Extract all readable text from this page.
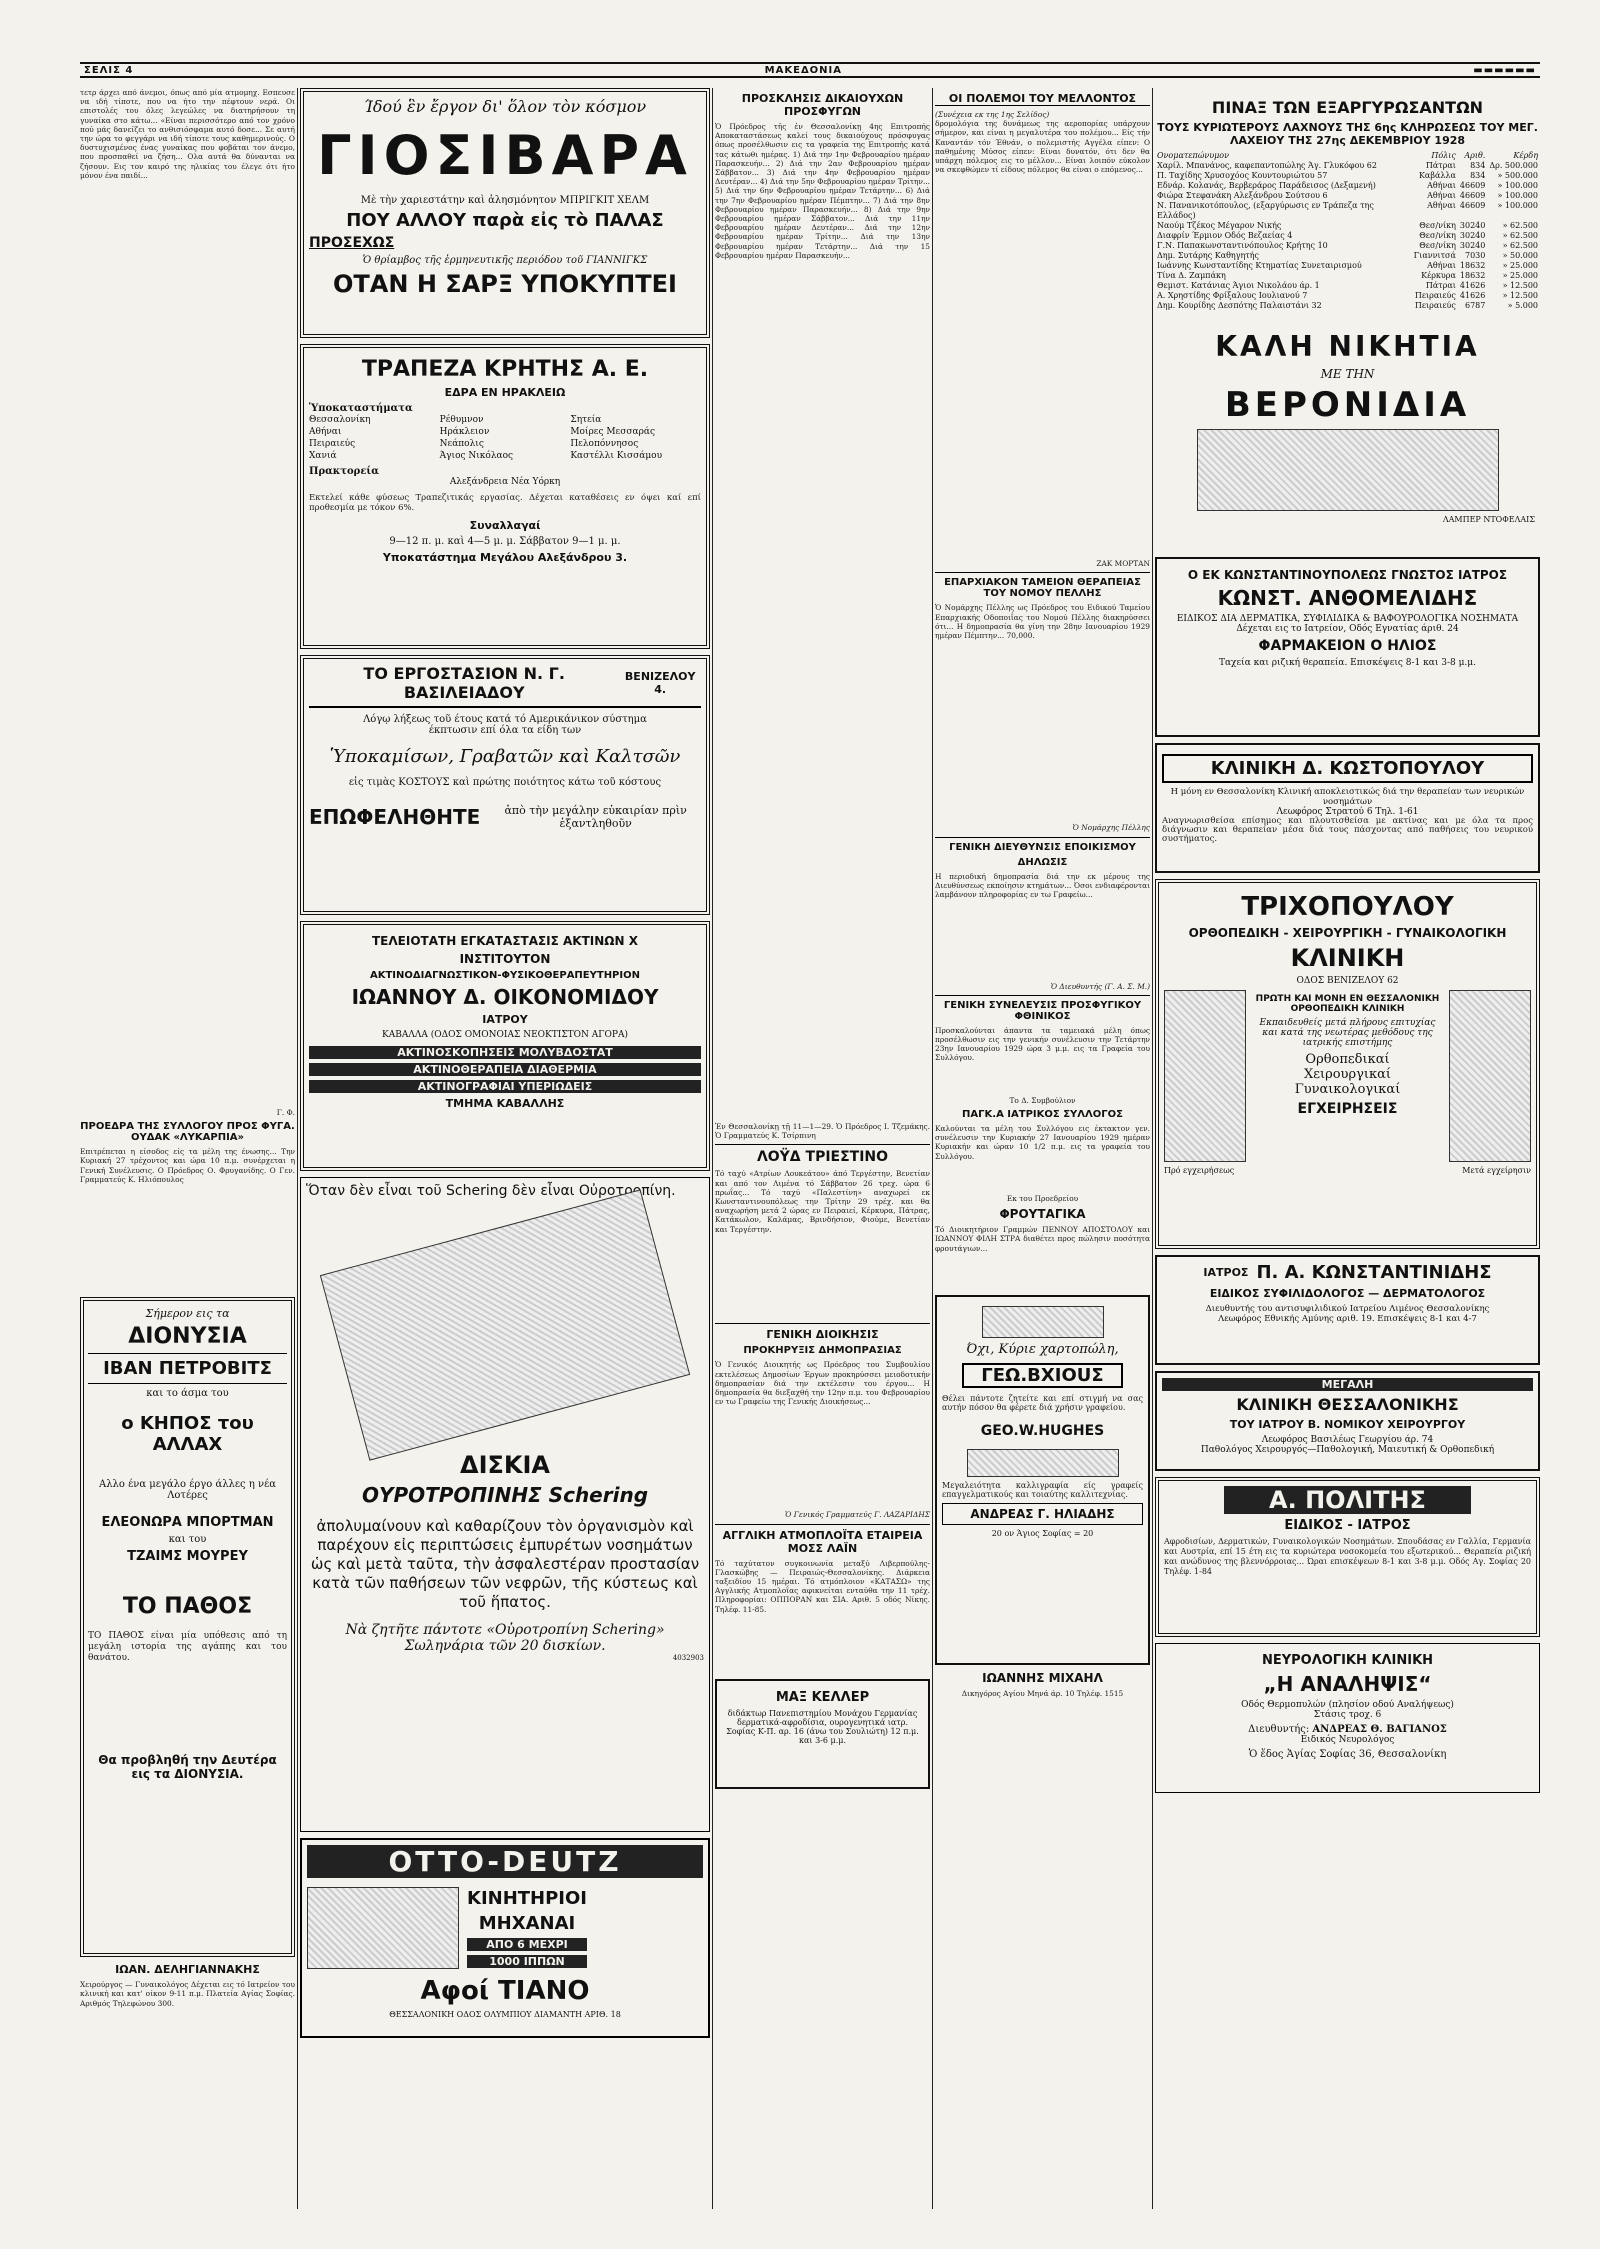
ΣΕΛΙΣ 4	ΜΑΚΕΔΟΝΙΑ	▬▬▬▬▬▬
τετρ άρχει από άνεμοι, όπως από μία ατμομηχ. Εσπευσε να ιδή τίποτε, που να ήτο την πέφτουν νερά. Οι επιστολές του όλες λεγεώλες να διατηρήσουν τη γυναίκα στο κάτω... «Είναι περισσότερο από τον χρόνο πού μάς δανείζει το ανθισιόσφαμα αυτό δοσε... Σε αυτή την ώρα το φεγγάρι να ιδή τίποτε τους καθημερινούς. Ο δυστυχισμένος ένας γυναίκας που φοβάται τον άνεμο, που προσπαθεί να ζήση... Ολα αυτά θα δύνανται να ζήσουν. Εις τον καιρό της ηλικίας του έλεγε ότι ήτο μόνον ένα παιδί...
Γ. Φ.
ΠΡΟΕΔΡΑ ΤΗΣ ΣΥΛΛΟΓΟΥ ΠΡΟΣ ΦΥΓΑ. ΟΥΔΑΚ «ΛΥΚΑΡΠΙΑ»
Επιτρέπεται η είσοδος είς τα μέλη της ένωσης... Την Κυριακή 27 τρέχοντος και ώρα 10 π.μ. συνέρχεται η Γενική Συνέλευσις. Ο Πρόεδρος Ο. Φρυγανίδης. Ο Γεν. Γραμματεύς Κ. Ηλιόπουλος
Σήμερον εις τα
ΔΙΟΝΥΣΙΑ
ΙΒΑΝ ΠΕΤΡΟΒΙΤΣ
και το άσμα του
ο ΚΗΠΟΣ του ΑΛΛΑΧ
Αλλο ένα μεγάλο έργο άλλες η νέα Λοτέρες
ΕΛΕΟΝΩΡΑ ΜΠΟΡΤΜΑΝ
και του
ΤΖΑΙΜΣ ΜΟΥΡΕΥ
ΤΟ ΠΑΘΟΣ
ΤΟ ΠΑΘΟΣ είναι μία υπόθεσις από τη μεγάλη ιστορία της αγάπης και του θανάτου.
Θα προβληθή την Δευτέρα εις τα ΔΙΟΝΥΣΙΑ.
ΙΩΑΝ. ΔΕΛΗΓΙΑΝΝΑΚΗΣ
Χειρούργος — Γυναικολόγος Δέχεται εις τό Ιατρείον του κλινική και κατ' οίκον 9-11 π.μ. Πλατεία Αγίας Σοφίας. Αριθμός Τηλεφώνου 300.
Ίδού ἓν ἔργον δι' ὅλον τὸν κόσμον
ΓΙΟΣΙΒΑΡΑ
Μὲ τὴν χαριεστάτην καὶ ἀλησμόνητον ΜΠΡΙΓΚΙΤ ΧΕΛΜ
ΠΟΥ ΑΛΛΟΥ παρὰ εἰς τὸ ΠΑΛΑΣ
ΠΡΟΣΕΧΩΣ
Ὁ θρίαμβος τῆς ἑρμηνευτικῆς περιόδου τοῦ ΓΙΑΝΝΙΓΚΣ
ΟΤΑΝ Η ΣΑΡΞ ΥΠΟΚΥΠΤΕΙ
ΤΡΑΠΕΖΑ ΚΡΗΤΗΣ Α. Ε.
ΕΔΡΑ ΕΝ ΗΡΑΚΛΕΙΩ
Ὑποκαταστήματα
Θεσσαλονίκη	Ρέθυμνον	Σητεία
Αθήναι	Ηράκλειον	Μοίρες Μεσσαράς
Πειραιεύς	Νεάπολις	Πελοπόννησος
Χανιά	Άγιος Νικόλαος	Καστέλλι Κισσάμου
Πρακτορεία
Αλεξάνδρεια Νέα Υόρκη
Εκτελεί κάθε φύσεως Τραπεζιτικάς εργασίας. Δέχεται καταθέσεις εν όψει καί επί προθεσμία με τόκον 6%.
Συναλλαγαί
9—12 π. μ. καὶ 4—5 μ. μ. Σάββατον 9—1 μ. μ.
Υποκατάστημα Μεγάλου Αλεξάνδρου 3.
ΤΟ ΕΡΓΟΣΤΑΣΙΟΝ Ν. Γ. ΒΑΣΙΛΕΙΑΔΟΥ
ΒΕΝΙΖΕΛΟΥ 4.
Λόγῳ λήξεως τοῦ έτους κατά τό Αμερικάνικον σύστημα
έκπτωσιν επί όλα τα είδη των
Ὑποκαμίσων, Γραβατῶν καὶ Καλτσῶν
εἰς τιμὰς ΚΟΣΤΟΥΣ καὶ πρώτης ποιότητος κάτω τοῦ κόστους
ΕΠΩΦΕΛΗΘΗΤΕ	ἀπὸ τὴν μεγάλην εὐκαιρίαν πρὶν ἐξαντληθοῦν
ΤΕΛΕΙΟΤΑΤΗ ΕΓΚΑΤΑΣΤΑΣΙΣ ΑΚΤΙΝΩΝ Χ
ΙΝΣΤΙΤΟΥΤΟΝ
ΑΚΤΙΝΟΔΙΑΓΝΩΣΤΙΚΟΝ-ΦΥΣΙΚΟΘΕΡΑΠΕΥΤΗΡΙΟΝ
ΙΩΑΝΝΟΥ Δ. ΟΙΚΟΝΟΜΙΔΟΥ
ΙΑΤΡΟΥ
ΚΑΒΑΛΛΑ (ΟΔΟΣ ΟΜΟΝΟΙΑΣ ΝΕΟΚΤΙΣΤΟΝ ΑΓΟΡΑ)
ΑΚΤΙΝΟΣΚΟΠΗΣΕΙΣ ΜΟΛΥΒΔΟΣΤΑΤ
ΑΚΤΙΝΟΘΕΡΑΠΕΙΑ ΔΙΑΘΕΡΜΙΑ
ΑΚΤΙΝΟΓΡΑΦΙΑΙ ΥΠΕΡΙΩΔΕΙΣ
ΤΜΗΜΑ ΚΑΒΑΛΛΗΣ
Ὅταν δὲν εἶναι τοῦ Schering δὲν εἶναι Οὐροτροπίνη.
ΔΙΣΚΙΑ
ΟΥΡΟΤΡΟΠΙΝΗΣ Schering
ἀπολυμαίνουν καὶ καθαρίζουν τὸν ὀργανισμὸν καὶ παρέχουν εἰς περιπτώσεις ἐμπυρέτων νοσημάτων ὡς καὶ μετὰ ταῦτα, τὴν ἀσφαλεστέραν προστασίαν κατὰ τῶν παθήσεων τῶν νεφρῶν, τῆς κύστεως καὶ τοῦ ἥπατος.
Νὰ ζητῆτε πάντοτε «Οὐροτροπίνη Schering»
Σωληνάρια τῶν 20 δισκίων.
4032903
OTTO-DEUTZ
ΚΙΝΗΤΗΡΙΟΙ
ΜΗΧΑΝΑΙ
ΑΠΟ 6 ΜΕΧΡΙ
1000 ΙΠΠΩΝ
Αφοί ΤΙΑΝΟ
ΘΕΣΣΑΛΟΝΙΚΗ ΟΔΟΣ ΟΛΥΜΠΙΟΥ ΔΙΑΜΑΝΤΗ ΑΡΙΘ. 18
ΠΡΟΣΚΛΗΣΙΣ ΔΙΚΑΙΟΥΧΩΝ ΠΡΟΣΦΥΓΩΝ
Ὁ Πρόεδρος τῆς ἐν Θεσσαλονίκῃ 4ης Επιτροπής Αποκαταστάσεως καλεί τους δικαιούχους πρόσφυγας όπως προσέλθωσιν εις τα γραφεία της Επιτροπής κατά τας κάτωθι ημέρας. 1) Διά την 1ην Φεβρουαρίου ημέραν Παρασκευήν... 2) Διά την 2αν Φεβρουαρίου ημέραν Σάββατον... 3) Διά την 4ην Φεβρουαρίου ημέραν Δευτέραν... 4) Διά την 5ην Φεβρουαρίου ημέραν Τρίτην... 5) Διά την 6ην Φεβρουαρίου ημέραν Τετάρτην... 6) Διά την 7ην Φεβρουαρίου ημέραν Πέμπτην... 7) Διά την 8ην Φεβρουαρίου ημέραν Παρασκευήν... 8) Διά την 9ην Φεβρουαρίου ημέραν Σάββατον... Διά την 11ην Φεβρουαρίου ημέραν Δευτέραν... Διά την 12ην Φεβρουαρίου ημέραν Τρίτην... Διά την 13ην Φεβρουαρίου ημέραν Τετάρτην... Διά την 15 Φεβρουαρίου ημέραν Παρασκευήν...
Ἐν Θεσσαλονίκῃ τῇ 11—1—29. Ὁ Πρόεδρος Ι. Τζεμάκης. Ὁ Γραμματεύς Κ. Τσίρπινη
ΛΟΫΔ ΤΡΙΕΣΤΙΝΟ
Τό ταχύ «Ατρίων Λουκεάτου» άπό Τεργέστην, Βενετίαν και από τον Λιμένα τό Σάββατον 26 τρεχ. ώρα 6 πρωΐας... Τό ταχύ «Παλεστίνη» αναχωρεί εκ Κωνσταντινουπόλεως την Τρίτην 29 τρέχ. και θα αναχωρήση μετά 2 ώρας εν Πειραιεί, Κέρκυρα, Πάτρας, Κατάκωλον, Καλάμας, Βρινδήσιον, Φιούμε, Βενετίαν και Τεργέστην.
ΓΕΝΙΚΗ ΔΙΟΙΚΗΣΙΣ
ΠΡΟΚΗΡΥΞΙΣ ΔΗΜΟΠΡΑΣΙΑΣ
Ὁ Γενικός Διοικητής ως Πρόεδρος του Συμβουλίου εκτελέσεως Δημοσίων Έργων προκηρύσσει μειοδοτικήν δημοπρασίαν διά την εκτέλεσιν του έργου... Η δημοπρασία θα διεξαχθή την 12ην π.μ. του Φεβρουαρίου εν τω Γραφείω της Γενικής Διοικήσεως...
Ὁ Γενικός Γραμματεύς Γ. ΛΑΖΑΡΙΔΗΣ
ΑΓΓΛΙΚΗ ΑΤΜΟΠΛΟΪΤΑ ΕΤΑΙΡΕΙΑ ΜΟΣΣ ΛΑΪΝ
Τό ταχύτατον συγκοινωνία μεταξύ Λιβερπούλης-Γλασκώβης — Πειραιώς-Θεσσαλονίκης. Διάρκεια ταξειδίου 15 ημέραι. Τό ατμόπλοιον «ΚΑΤΑΣΩ» της Αγγλικής Ατμοπλοΐας αφικνείται ενταύθα την 11 τρέχ. Πληροφορίαι: ΟΠΠΟΡΑΝ και ΣΙΑ. Αριθ. 5 οδός Νίκης. Τηλέφ. 11-85.
ΜΑΞ ΚΕΛΛΕΡ
διδάκτωρ Πανεπιστημίου Μονάχου Γερμανίας
δερματικά-αφροδίσια, ουρογενητικά ιατρ. Σοφίας Κ-Π. αρ. 16 (άνω του Σουλιώτη) 12 π.μ. και 3-6 μ.μ.
ΟΙ ΠΟΛΕΜΟΙ ΤΟΥ ΜΕΛΛΟΝΤΟΣ
(Συνέχεια εκ της 1ης Σελίδος)
δρομολόγια της δυνάμεως της αεροπορίας υπάρχουν σήμερον, και είναι η μεγαλυτέρα του πολέμου... Είς τήν Καναντάν τόν Έθνάν, ο πολεμιστής Αγγέλα είπεν: Ο παθημένης Μύσος είπεν: Είναι δυνατόν, ότι δεν θα υπάρχη πόλεμος εις το μέλλον... Είναι λοιπόν εύκολον να σκεφθώμεν τί είδους πόλεμος θα είναι ο επόμενος...
ΖΑΚ ΜΟΡΤΑΝ
ΕΠΑΡΧΙΑΚΟΝ ΤΑΜΕΙΟΝ ΘΕΡΑΠΕΙΑΣ ΤΟΥ ΝΟΜΟΥ ΠΕΛΛΗΣ
Ὁ Νομάρχης Πέλλης ως Πρόεδρος του Ειδικού Ταμείου Επαρχιακής Οδοποιΐας του Νομού Πέλλης διακηρύσσει ότι... Η δημοπρασία θα γίνη την 28ην Ιανουαρίου 1929 ημέραν Πέμπτην... 70,000.
Ὁ Νομάρχης Πέλλης
ΓΕΝΙΚΗ ΔΙΕΥΘΥΝΣΙΣ ΕΠΟΙΚΙΣΜΟΥ
ΔΗΛΩΣΙΣ
Η περιοδική δημοπρασία διά την εκ μέρους της Διευθύνσεως εκποίησιν κτημάτων... Όσοι ενδιαφέρονται λαμβάνουν πληροφορίας εν τω Γραφείω...
Ὁ Διευθυντής (Γ. Α. Σ. Μ.)
ΓΕΝΙΚΗ ΣΥΝΕΛΕΥΣΙΣ ΠΡΟΣΦΥΓΙΚΟΥ ΦΘΙΝΙΚΟΣ
Προσκαλούνται άπαντα τα ταμειακά μέλη όπως προσέλθωσιν εις την γενικήν συνέλευσιν την Τετάρτην 23ην Ιανουαρίου 1929 ώρα 3 μ.μ. εις τα Γραφεία του Συλλόγου.
Το Δ. Συμβούλιον
ΠΑΓΚ.Α ΙΑΤΡΙΚΟΣ ΣΥΛΛΟΓΟΣ
Καλούνται τα μέλη του Συλλόγου εις έκτακτον γεν. συνέλευσιν την Κυριακήν 27 Ιανουαρίου 1929 ημέραν Κυριακήν και ώραν 10 1/2 π.μ. εις τα γραφεία του Συλλόγου.
Εκ του Προεδρείου
ΦΡΟΥΤΑΓΙΚΑ
Τό Διοικητήριον Γραμμών ΠΕΝΝΟΥ ΑΠΟΣΤΟΛΟΥ και ΙΩΑΝΝΟΥ ΦΙΛΗ ΣΤΡΑ διαθέτει προς πώλησιν ποσότητα φρουτάγιων...
Όχι, Κύριε χαρτοπώλη,
ΓΕΩ.ΒΧΙΟUΣ
Θέλει πάντοτε ζητείτε και επί στιγμή να σας αυτήν πόσον θα φέρετε διά χρήσιν γραφείου.
GEO.W.HUGHES
Μεγαλειότητα καλλιγραφία είς γραφείς επαγγελματικούς και τοιαύτης καλλιτεχνίας.
ΑΝΔΡΕΑΣ Γ. ΗΛΙΑΔΗΣ
20 ον Άγιος Σοφίας = 20
ΙΩΑΝΝΗΣ ΜΙΧΑΗΛ
Δικηγόρος Αγίου Μηνά άρ. 10 Τηλέφ. 1515
ΠΙΝΑΞ ΤΩΝ ΕΞΑΡΓΥΡΩΣΑΝΤΩΝ
ΤΟΥΣ ΚΥΡΙΩΤΕΡΟΥΣ ΛΑΧΝΟΥΣ ΤΗΣ 6ης ΚΛΗΡΩΣΕΩΣ ΤΟΥ ΜΕΓ. ΛΑΧΕΙΟΥ ΤΗΣ 27ης ΔΕΚΕΜΒΡΙΟΥ 1928
Ονοματεπώνυμον	Πόλις	Αριθ.	Κέρδη
Χαρίλ. Μπανάνος, καφεπαντοπώλης Άγ. Γλυκόφου 62	Πάτραι	834	Δρ. 500.000
Π. Ταχίδης Χρυσοχόος Κουντουριώτου 57	Καβάλλα	834	» 500.000
Εδνάρ. Κολανάς, Βερβεράρος Παράδεισος (Δεξαμενή)	Αθήναι	46609	» 100.000
Φιώρα Στεφανάκη Αλεξάνδρου Σούτσου 6	Αθήναι	46609	» 100.000
Ν. Πανανικοτόπουλος, (εξαργύρωσις εν Τράπεζα της Ελλάδος)	Αθήναι	46609	» 100.000
Ναούμ Τζέκος Μέγαρον Νικής	Θεσ/νίκη	30240	» 62.500
Διαφρίν Έρμιον Οδός Βεζαείας 4	Θεσ/νίκη	30240	» 62.500
Γ.Ν. Παπακωνσταντινόπουλος Κρήτης 10	Θεσ/νίκη	30240	» 62.500
Δημ. Συτάρης Καθηγητής	Γιαννιτσά	7030	» 50.000
Ιωάννης Κωνσταντίδης Κτηματίας Συνεταιρισμού	Αθήναι	18632	» 25.000
Τίνα Δ. Ζαμπάκη	Κέρκυρα	18632	» 25.000
Θεμιστ. Κατάνιας Άγιοι Νικολάου άρ. 1	Πάτραι	41626	» 12.500
Α. Χρηστίδης Φρίξαλους Ιουλιανού 7	Πειραιεύς	41626	» 12.500
Δημ. Κουρίδης Δεσπότης Παλαιστάνι 32	Πειραιεύς	6787	» 5.000
ΚΑΛΗ ΝΙΚΗΤΙΑ
ΜΕ ΤΗΝ
ΒΕΡΟΝΙΔΙΑ
ΛΑΜΠΕΡ ΝΤΟΦΕΛΑΙΣ
Ο ΕΚ ΚΩΝΣΤΑΝΤΙΝΟΥΠΟΛΕΩΣ ΓΝΩΣΤΟΣ ΙΑΤΡΟΣ
ΚΩΝΣΤ. ΑΝΘΟΜΕΛΙΔΗΣ
ΕΙΔΙΚΟΣ ΔΙΑ ΔΕΡΜΑΤΙΚΑ, ΣΥΦΙΛΙΔΙΚΑ & ΒΑΦΟΥΡΟΛΟΓΙΚΑ ΝΟΣΗΜΑΤΑ
Δέχεται εις το Ιατρείον, Οδός Εγνατίας άριθ. 24
ΦΑΡΜΑΚΕΙΟΝ Ο ΗΛΙΟΣ
Ταχεία και ριζική θεραπεία. Επισκέψεις 8-1 και 3-8 μ.μ.
ΚΛΙΝΙΚΗ Δ. ΚΩΣΤΟΠΟΥΛΟΥ
Η μόνη εν Θεσσαλονίκη Κλινική αποκλειστικώς διά την θεραπείαν των νευρικών νοσημάτων
Λεωφόρος Στρατού 6 Τηλ. 1-61
Αναγνωρισθείσα επίσημος και πλουτισθείσα με ακτίνας και με όλα τα προς διάγνωσιν και θεραπείαν μέσα διά τους πάσχοντας από παθήσεις του νευρικού συστήματος.
ΤΡΙΧΟΠΟΥΛΟΥ
ΟΡΘΟΠΕΔΙΚΗ - ΧΕΙΡΟΥΡΓΙΚΗ - ΓΥΝΑΙΚΟΛΟΓΙΚΗ
ΚΛΙΝΙΚΗ
ΟΔΟΣ ΒΕΝΙΖΕΛΟΥ 62
ΠΡΩΤΗ ΚΑΙ ΜΟΝΗ ΕΝ ΘΕΣΣΑΛΟΝΙΚΗ ΟΡΘΟΠΕΔΙΚΗ ΚΛΙΝΙΚΗ
Εκπαιδευθείς μετά πλήρους επιτυχίας και κατά της νεωτέρας μεθόδους της ιατρικής επιστήμης
Ορθοπεδικαί
Χειρουργικαί
Γυναικολογικαί
ΕΓΧΕΙΡΗΣΕΙΣ
Πρό εγχειρήσεως	Μετά εγχείρησιν
ΙΑΤΡΟΣ Π. Α. ΚΩΝΣΤΑΝΤΙΝΙΔΗΣ
ΕΙΔΙΚΟΣ ΣΥΦΙΛΙΔΟΛΟΓΟΣ — ΔΕΡΜΑΤΟΛΟΓΟΣ
Διευθυντής του αντισυφιλιδικού Ιατρείου Λιμένος Θεσσαλονίκης
Λεωφόρος Εθνικής Αμύνης αριθ. 19. Επισκέψεις 8-1 και 4-7
ΜΕΓΑΛΗ
ΚΛΙΝΙΚΗ ΘΕΣΣΑΛΟΝΙΚΗΣ
ΤΟΥ ΙΑΤΡΟΥ Β. ΝΟΜΙΚΟΥ ΧΕΙΡΟΥΡΓΟΥ
Λεωφόρος Βασιλέως Γεωργίου άρ. 74
Παθολόγος Χειρουργός—Παθολογική, Μαιευτική & Ορθοπεδική
Α. ΠΟΛΙΤΗΣ
ΕΙΔΙΚΟΣ - ΙΑΤΡΟΣ
Αφροδισίων, Δερματικών, Γυναικολογικών Νοσημάτων. Σπουδάσας εν Γαλλία, Γερμανία και Αυστρία, επί 15 έτη εις τα κυριώτερα νοσοκομεία του εξωτερικού... Θεραπεία ριζική και ανώδυνος της βλεννόρροιας... Ώραι επισκέψεων 8-1 και 3-8 μ.μ. Οδός Αγ. Σοφίας 20 Τηλέφ. 1-84
ΝΕΥΡΟΛΟΓΙΚΗ ΚΛΙΝΙΚΗ
„Η ΑΝΑΛΗΨΙΣ“
Οδός Θερμοπυλών (πλησίον οδού Αναλήψεως)
Στάσις τροχ. 6
Διευθυντής: ΑΝΔΡΕΑΣ Θ. ΒΑΓΙΑΝΟΣ
Ειδικός Νευρολόγος
Ὁ ἕδος Ἁγίας Σοφίας 36, Θεσσαλονίκη
